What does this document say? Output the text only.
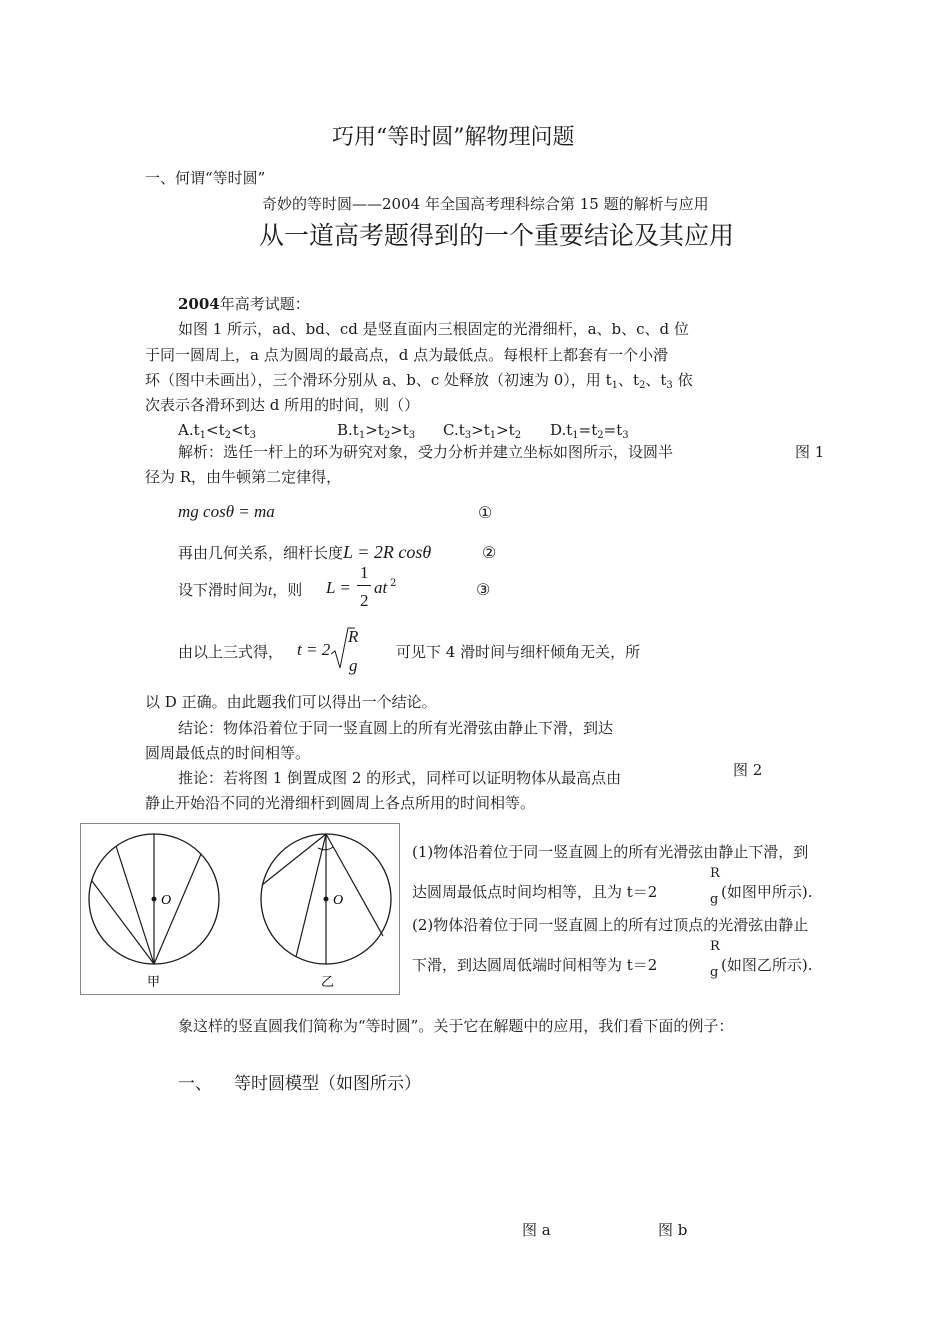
巧用“等时圆”解物理问题
一、何谓“等时圆”
奇妙的等时圆——2004 年全国高考理科综合第 15 题的解析与应用
从一道高考题得到的一个重要结论及其应用
2004年高考试题：
如图 1 所示，ad、bd、cd 是竖直面内三根固定的光滑细杆，a、b、c、d 位
于同一圆周上，a 点为圆周的最高点，d 点为最低点。每根杆上都套有一个小滑
环（图中未画出），三个滑环分别从 a、b、c 处释放（初速为 0），用 $t_1$、$t_2$、$t_3$ 依
次表示各滑环到达 d 所用的时间，则（）
$A.t_1<t_2<t_3$	$B.t_1>t_2>t_3$ $C.t_3>t_1>t_2$ $D.t_1=t_2=t_3$
解析：选任一杆上的环为研究对象，受力分析并建立坐标如图所示，设圆半
径为 R，由牛顿第二定律得，
图 1
mg cosθ = ma	①
再由几何关系，细杆长度L = 2R cosθ	②
设下滑时间为t，则 L =
1
2
at 2	③
由以上三式得， t = 2
R
g
可见下 4 滑时间与细杆倾角无关，所
以 D 正确。由此题我们可以得出一个结论。
结论：物体沿着位于同一竖直圆上的所有光滑弦由静止下滑，到达
圆周最低点的时间相等。
推论：若将图 1 倒置成图 2 的形式，同样可以证明物体从最高点由
静止开始沿不同的光滑细杆到圆周上各点所用的时间相等。
图 2
O
甲
O
乙
(1)物体沿着位于同一竖直圆上的所有光滑弦由静止下滑，到
达圆周最低点时间均相等，且为 t＝2
R
g (如图甲所示).
(2)物体沿着位于同一竖直圆上的所有过顶点的光滑弦由静止
下滑，到达圆周低端时间相等为 t＝2
R
g (如图乙所示).
象这样的竖直圆我们简称为“等时圆”。关于它在解题中的应用，我们看下面的例子：
一、 等时圆模型（如图所示）
图 a	图 b
